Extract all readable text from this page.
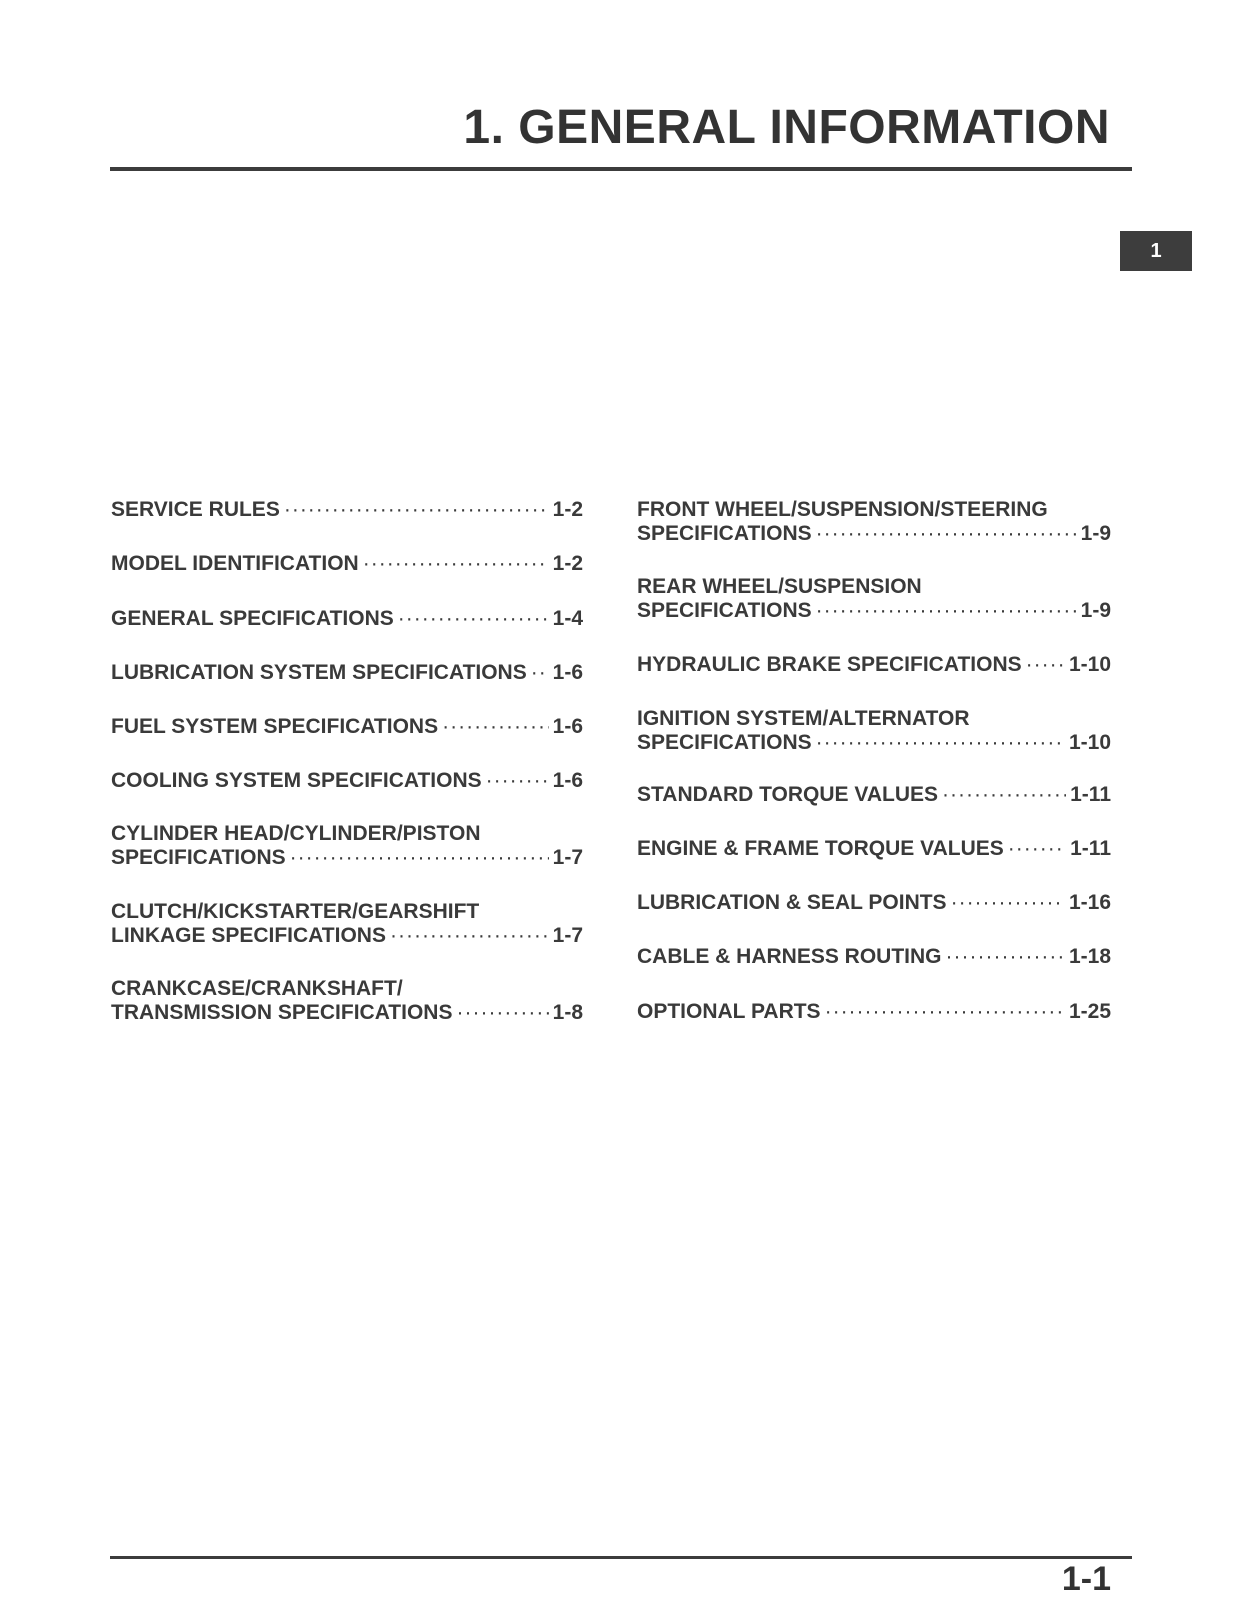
1. GENERAL INFORMATION
1
SERVICE RULES ·····	1-2
MODEL IDENTIFICATION ·····	1-2
GENERAL SPECIFICATIONS ·····	1-4
LUBRICATION SYSTEM SPECIFICATIONS ····· 1-6
FUEL SYSTEM SPECIFICATIONS ·····	1-6
COOLING SYSTEM SPECIFICATIONS ·····	1-6
CYLINDER HEAD/CYLINDER/PISTON
SPECIFICATIONS ·····	1-7
CLUTCH/KICKSTARTER/GEARSHIFT
LINKAGE SPECIFICATIONS ·····	1-7
CRANKCASE/CRANKSHAFT/
TRANSMISSION SPECIFICATIONS ·····	1-8
FRONT WHEEL/SUSPENSION/STEERING
SPECIFICATIONS ·····	1-9
REAR WHEEL/SUSPENSION
SPECIFICATIONS ·····	1-9
HYDRAULIC BRAKE SPECIFICATIONS ····· 1-10
IGNITION SYSTEM/ALTERNATOR
SPECIFICATIONS ·····	1-10
STANDARD TORQUE VALUES ·····	1-11
ENGINE & FRAME TORQUE VALUES ·····	1-11
LUBRICATION & SEAL POINTS ·····	1-16
CABLE & HARNESS ROUTING ·····	1-18
OPTIONAL PARTS ·····	1-25
1-1
